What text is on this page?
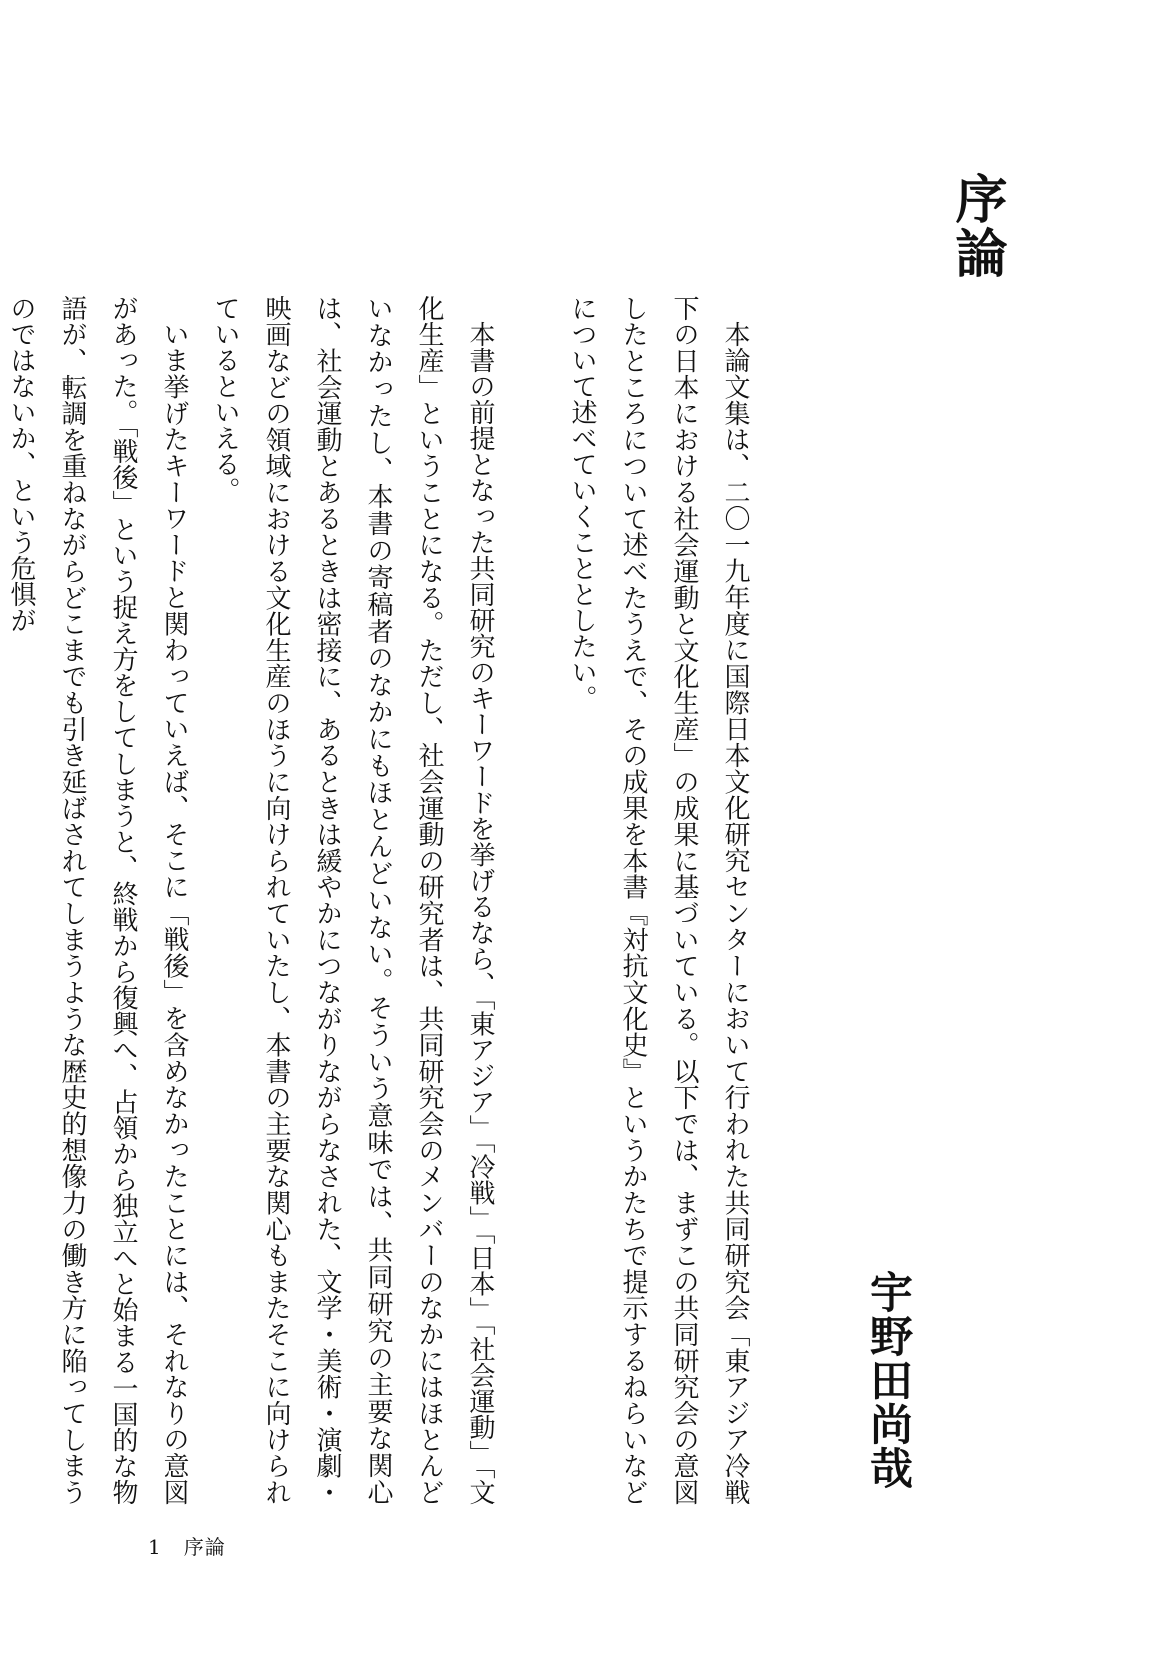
序論
宇野田尚哉

本論文集は、二〇一九年度に国際日本文化研究センターにおいて行われた共同研究会「東アジア冷戦下の日本における社会運動と文化生産」の成果に基づいている。以下では、まずこの共同研究会の意図したところについて述べたうえで、その成果を本書『対抗文化史』というかたちで提示するねらいなどについて述べていくこととしたい。

本書の前提となった共同研究のキーワードを挙げるなら、「東アジア」「冷戦」「日本」「社会運動」「文化生産」ということになる。ただし、社会運動の研究者は、共同研究会のメンバーのなかにはほとんどいなかったし、本書の寄稿者のなかにもほとんどいない。そういう意味では、共同研究の主要な関心は、社会運動とあるときは密接に、あるときは緩やかにつながりながらなされた、文学・美術・演劇・映画などの領域における文化生産のほうに向けられていたし、本書の主要な関心もまたそこに向けられているといえる。

いま挙げたキーワードと関わっていえば、そこに「戦後」を含めなかったことには、それなりの意図があった。「戦後」という捉え方をしてしまうと、終戦から復興へ、占領から独立へと始まる一国的な物語が、転調を重ねながらどこまでも引き延ばされてしまうような歴史的想像力の働き方に陥ってしまうのではないか、という危惧が

1 序論
